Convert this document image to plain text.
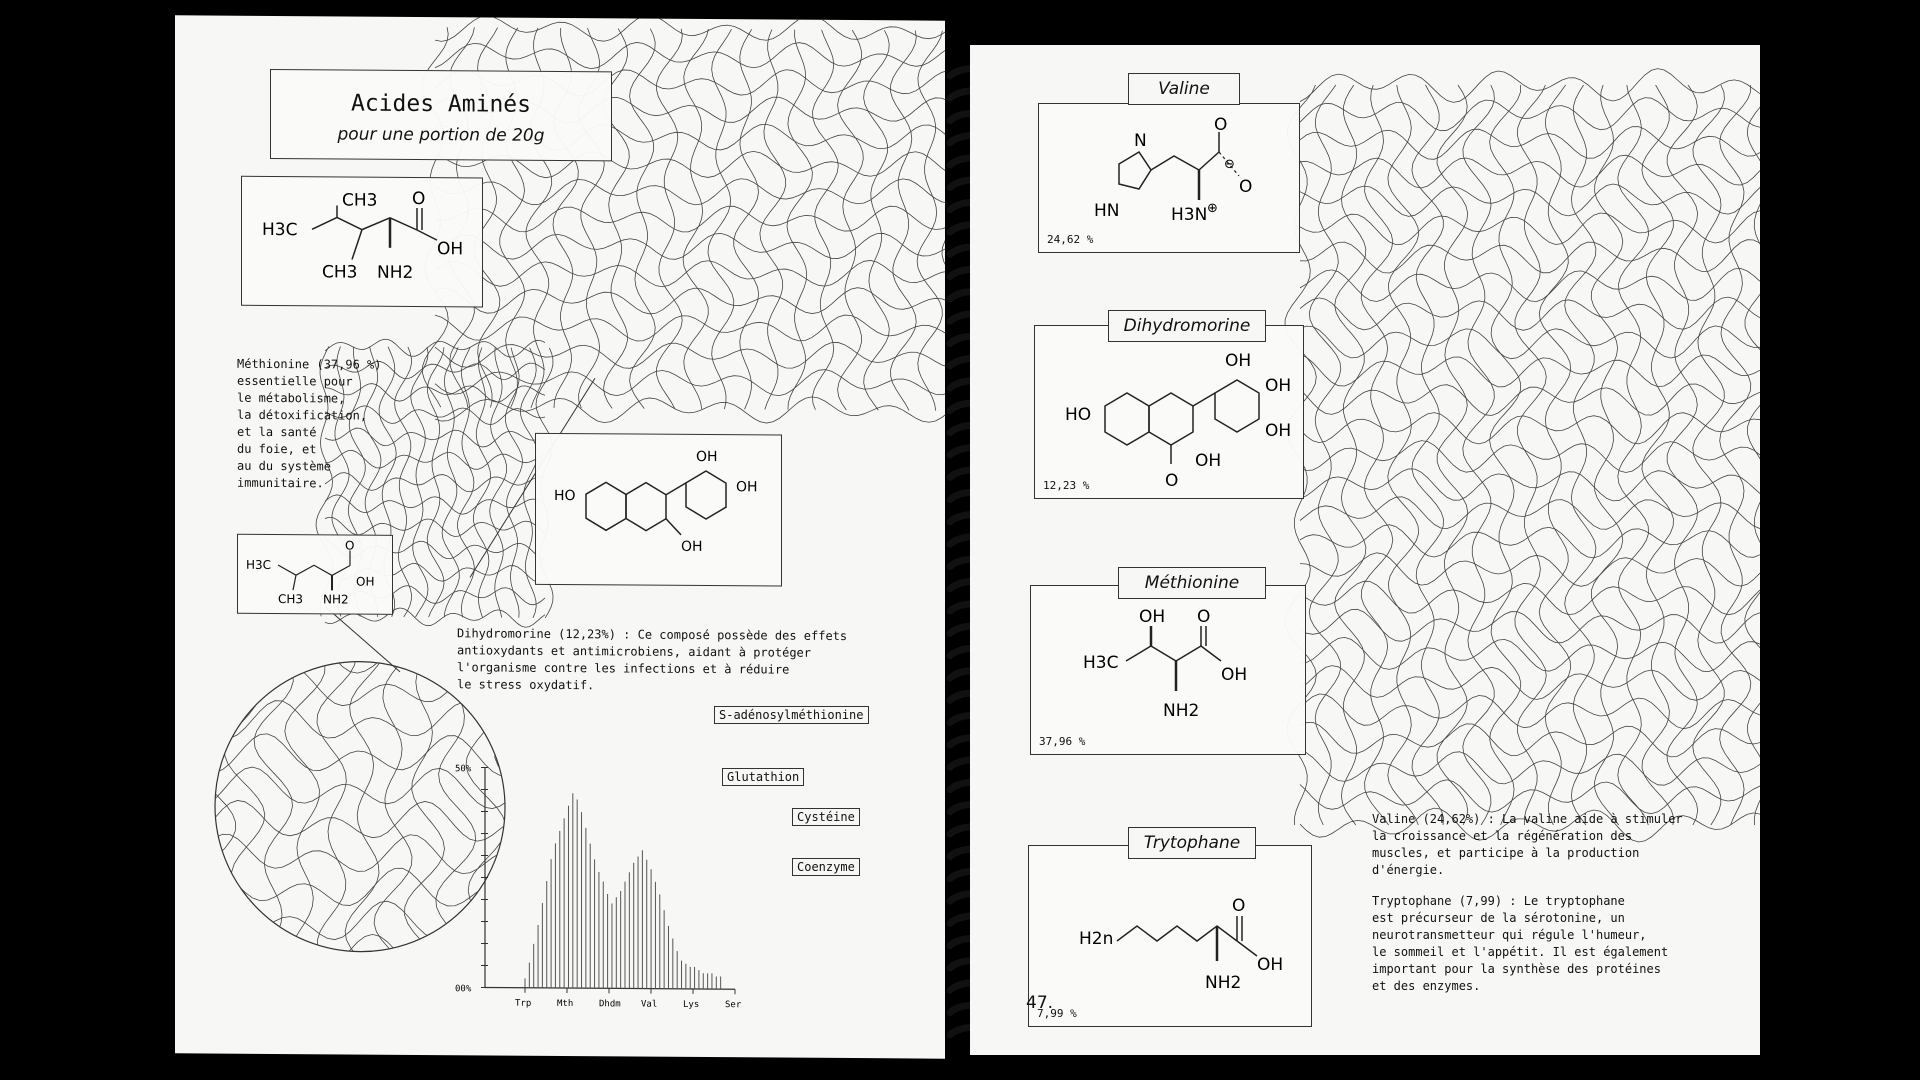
Acides Aminés
pour une portion de 20g
H3C
CH3 O
OH
CH3 NH2
Méthionine (37,96 %)
essentielle pour
le métabolisme,
la détoxification,
et la santé
du foie, et
au du système
immunitaire.
HO
OH
OH
OH
H3C
O
OH
CH3 NH2
Dihydromorine (12,23%) : Ce composé possède des effets
antioxydants et antimicrobiens, aidant à protéger
l'organisme contre les infections et à réduire
le stress oxydatif.
50%
00%
Trp	Mth	Dhdm Val	Lys	Ser
N
HN
O
O
⊖
H3N ⊕
24,62 %
Valine
HO
OH
OH
OH
OH
O
12,23 %
Dihydromorine
H3C
OH O
OH
NH2
37,96 %
Méthionine
H2n
O
OH
NH2
7,99 %
Trytophane
Valine (24,62%) : La valine aide à stimuler
la croissance et la régénération des
muscles, et participe à la production
d'énergie.
Tryptophane (7,99) : Le tryptophane
est précurseur de la sérotonine, un
neurotransmetteur qui régule l'humeur,
le sommeil et l'appétit. Il est également
important pour la synthèse des protéines
et des enzymes.
47.
S-adénosylméthionine
Glutathion
Cystéine
Coenzyme
